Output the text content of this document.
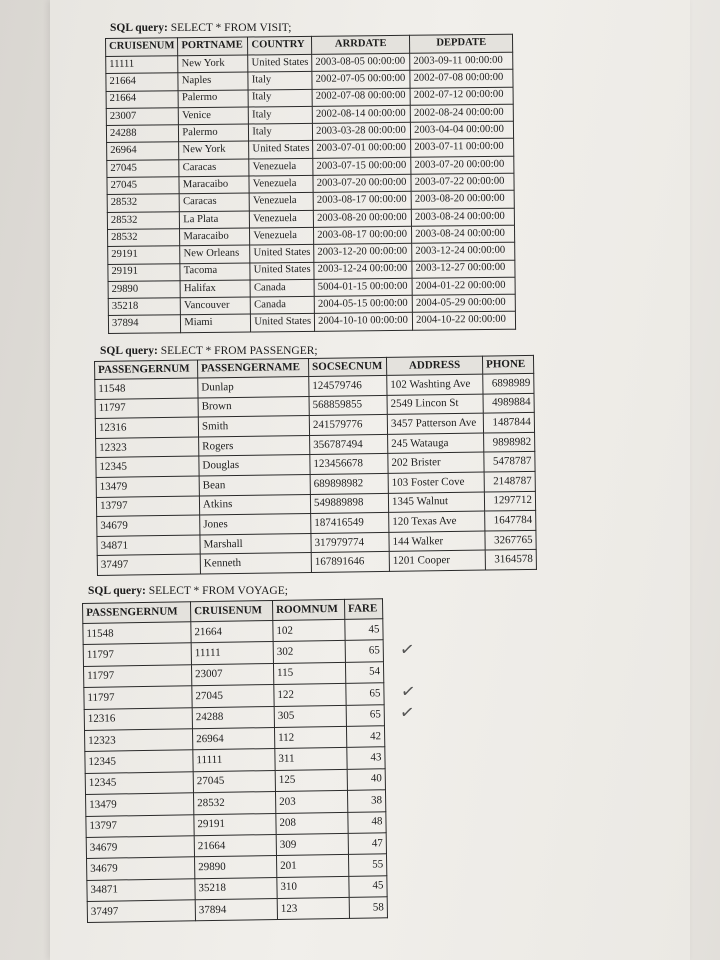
SQL query: SELECT * FROM VISIT;
CRUISENUM	PORTNAME	COUNTRY	ARRDATE	DEPDATE
11111	New York	United States	2003-08-05 00:00:00	2003-09-11 00:00:00
21664	Naples	Italy	2002-07-05 00:00:00	2002-07-08 00:00:00
21664	Palermo	Italy	2002-07-08 00:00:00	2002-07-12 00:00:00
23007	Venice	Italy	2002-08-14 00:00:00	2002-08-24 00:00:00
24288	Palermo	Italy	2003-03-28 00:00:00	2003-04-04 00:00:00
26964	New York	United States	2003-07-01 00:00:00	2003-07-11 00:00:00
27045	Caracas	Venezuela	2003-07-15 00:00:00	2003-07-20 00:00:00
27045	Maracaibo	Venezuela	2003-07-20 00:00:00	2003-07-22 00:00:00
28532	Caracas	Venezuela	2003-08-17 00:00:00	2003-08-20 00:00:00
28532	La Plata	Venezuela	2003-08-20 00:00:00	2003-08-24 00:00:00
28532	Maracaibo	Venezuela	2003-08-17 00:00:00	2003-08-24 00:00:00
29191	New Orleans	United States	2003-12-20 00:00:00	2003-12-24 00:00:00
29191	Tacoma	United States	2003-12-24 00:00:00	2003-12-27 00:00:00
29890	Halifax	Canada	5004-01-15 00:00:00	2004-01-22 00:00:00
35218	Vancouver	Canada	2004-05-15 00:00:00	2004-05-29 00:00:00
37894	Miami	United States	2004-10-10 00:00:00	2004-10-22 00:00:00
SQL query: SELECT * FROM PASSENGER;
PASSENGERNUM	PASSENGERNAME	SOCSECNUM	ADDRESS	PHONE
11548	Dunlap	124579746	102 Washting Ave	6898989
11797	Brown	568859855	2549 Lincon St	4989884
12316	Smith	241579776	3457 Patterson Ave	1487844
12323	Rogers	356787494	245 Watauga	9898982
12345	Douglas	123456678	202 Brister	5478787
13479	Bean	689898982	103 Foster Cove	2148787
13797	Atkins	549889898	1345 Walnut	1297712
34679	Jones	187416549	120 Texas Ave	1647784
34871	Marshall	317979774	144 Walker	3267765
37497	Kenneth	167891646	1201 Cooper	3164578
SQL query: SELECT * FROM VOYAGE;
PASSENGERNUM	CRUISENUM	ROOMNUM	FARE
11548	21664	102	45
11797	11111	302	65
11797	23007	115	54
11797	27045	122	65
12316	24288	305	65
12323	26964	112	42
12345	11111	311	43
12345	27045	125	40
13479	28532	203	38
13797	29191	208	48
34679	21664	309	47
34679	29890	201	55
34871	35218	310	45
37497	37894	123	58
✓
✓
✓
